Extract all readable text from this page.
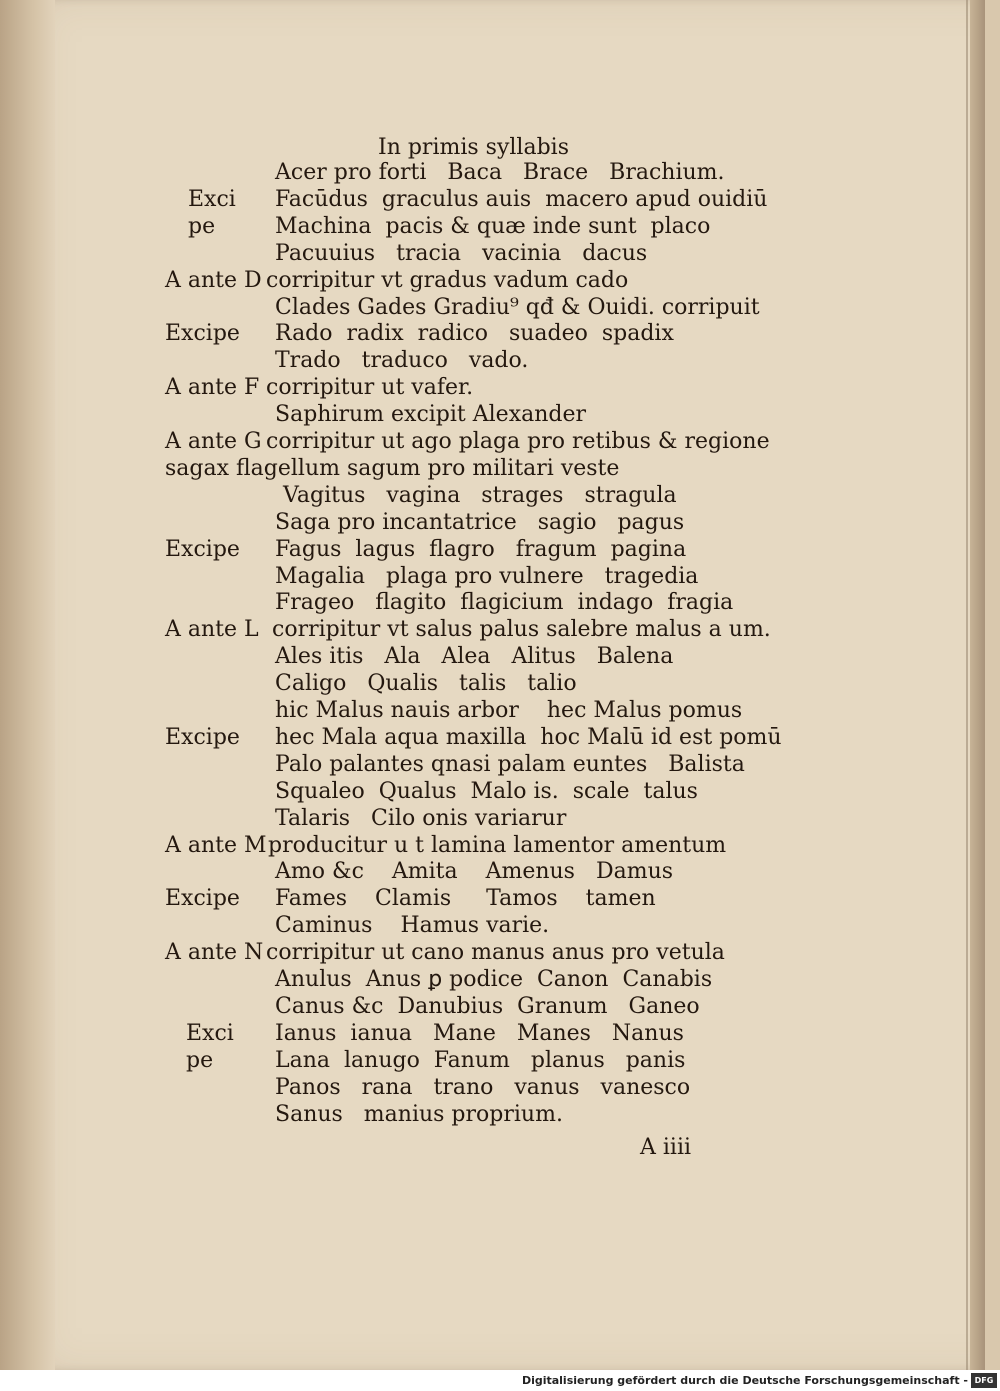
In primis syllabis
Acer pro forti   Baca   Brace   Brachium.
Exci Facūdus  graculus auis  macero apud ouidiū
pe	Machina  pacis & quæ inde sunt  placo
Pacuuius   tracia   vacinia   dacus
A ante D corripitur vt gradus vadum cado
Clades Gades Gradiu⁹ qđ & Ouidi. corripuit
Excipe Rado  radix  radico   suadeo  spadix
Trado   traduco   vado.
A ante F corripitur ut vafer.
Saphirum excipit Alexander
A ante G corripitur ut ago plaga pro retibus & regione
sagax flagellum sagum pro militari veste
Vagitus   vagina   strages   stragula
Saga pro incantatrice   sagio   pagus
Excipe Fagus  lagus  flagro   fragum  pagina
Magalia   plaga pro vulnere   tragedia
Frageo   flagito  flagicium  indago  fragia
A ante L corripitur vt salus palus salebre malus a um.
Ales itis   Ala   Alea   Alitus   Balena
Caligo   Qualis   talis   talio
hic Malus nauis arbor    hec Malus pomus
Excipe hec Mala aqua maxilla  hoc Malū id est pomū
Palo palantes qnasi palam euntes   Balista
Squaleo  Qualus  Malo is.  scale  talus
Talaris   Cilo onis variarur
A ante M producitur u t lamina lamentor amentum
Amo &c    Amita    Amenus   Damus
Excipe Fames    Clamis     Tamos    tamen
Caminus    Hamus varie.
A ante N corripitur ut cano manus anus pro vetula
Anulus  Anus ꝑ podice  Canon  Canabis
Canus &c  Danubius  Granum   Ganeo
Exci Ianus  ianua   Mane   Manes   Nanus
pe	Lana  lanugo  Fanum   planus   panis
Panos   rana   trano   vanus   vanesco
Sanus   manius proprium.
A iiii
Digitalisierung gefördert durch die Deutsche Forschungsgemeinschaft - DFG
